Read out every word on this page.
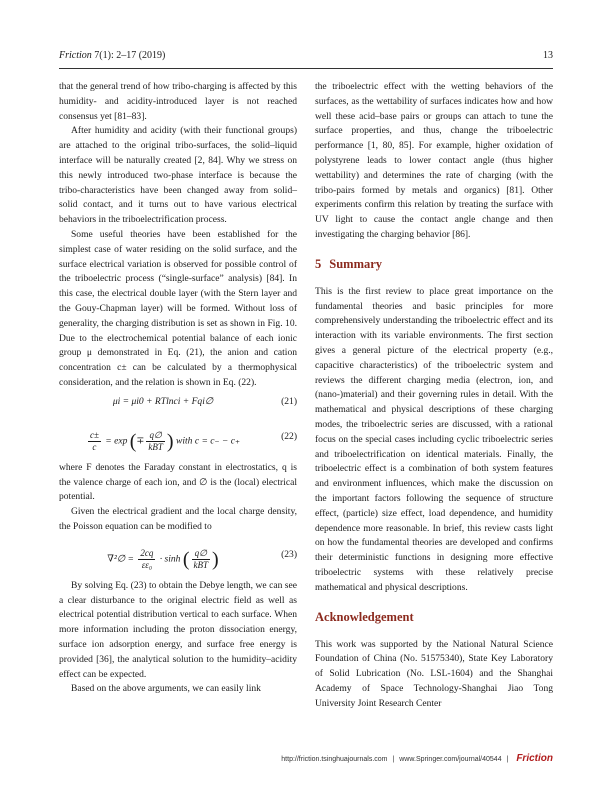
Friction 7(1): 2–17 (2019)	13

that the general trend of how tribo-charging is affected by this humidity- and acidity-introduced layer is not reached consensus yet [81–83].

After humidity and acidity (with their functional groups) are attached to the original tribo-surfaces, the solid–liquid interface will be naturally created [2, 84]. Why we stress on this newly introduced two-phase interface is because the tribo-characteristics have been changed away from solid–solid contact, and it turns out to have various electrical behaviors in the triboelectrification process.

Some useful theories have been established for the simplest case of water residing on the solid surface, and the surface electrical variation is observed for possible control of the triboelectric process (“single-surface” analysis) [84]. In this case, the electrical double layer (with the Stern layer and the Gouy-Chapman layer) will be formed. Without loss of generality, the charging distribution is set as shown in Fig. 10. Due to the electrochemical potential balance of each ionic group μ demonstrated in Eq. (21), the anion and cation concentration c± can be calculated by a thermophysical consideration, and the relation is shown in Eq. (22).

μi = μi0 + RTlnci + Fqi∅	(21)
$\frac{c\pm}{c} = \exp$ (∓ $\frac{q\emptyset}{\text{kBT}}$ ) with c = c₋ − c₊	(22)

where F denotes the Faraday constant in electrostatics, q is the valence charge of each ion, and ∅ is the (local) electrical potential.

Given the electrical gradient and the local charge density, the Poisson equation can be modified to

∇²∅ = $\frac{2cq}{\text{εε₀}} \cdot \sinh$ ( $\frac{q\emptyset}{\text{kBT}}$ )	(23)

By solving Eq. (23) to obtain the Debye length, we can see a clear disturbance to the original electric field as well as electrical potential distribution vertical to each surface. When more information including the proton dissociation energy, surface ion adsorption energy, and surface free energy is provided [36], the analytical solution to the humidity–acidity effect can be expected.

Based on the above arguments, we can easily link

the triboelectric effect with the wetting behaviors of the surfaces, as the wettability of surfaces indicates how and how well these acid–base pairs or groups can attach to tune the surface properties, and thus, change the triboelectric performance [1, 80, 85]. For example, higher oxidation of polystyrene leads to lower contact angle (thus higher wettability) and determines the rate of charging (with the tribo-pairs formed by metals and organics) [81]. Other experiments confirm this relation by treating the surface with UV light to cause the contact angle change and then investigating the charging behavior [86].

5 Summary

This is the first review to place great importance on the fundamental theories and basic principles for more comprehensively understanding the triboelectric effect and its interaction with its variable environments. The first section gives a general picture of the electrical property (e.g., capacitive characteristics) of the triboelectric system and reviews the different charging media (electron, ion, and (nano-)material) and their governing rules in detail. With the mathematical and physical descriptions of these charging modes, the triboelectric series are discussed, with a rational focus on the special cases including cyclic triboelectric series and triboelectrification on identical materials. Finally, the triboelectric effect is a combination of both system features and environment influences, which make the discussion on the important factors following the sequence of structure effect, (particle) size effect, load dependence, and humidity dependence more reasonable. In brief, this review casts light on how the fundamental theories are developed and confirms their deterministic functions in designing more effective triboelectric systems with these relatively precise mathematical and physical descriptions.

Acknowledgement

This work was supported by the National Natural Science Foundation of China (No. 51575340), State Key Laboratory of Solid Lubrication (No. LSL-1604) and the Shanghai Academy of Space Technology-Shanghai Jiao Tong University Joint Research Center

http://friction.tsinghuajournals.com | www.Springer.com/journal/40544 | Friction
